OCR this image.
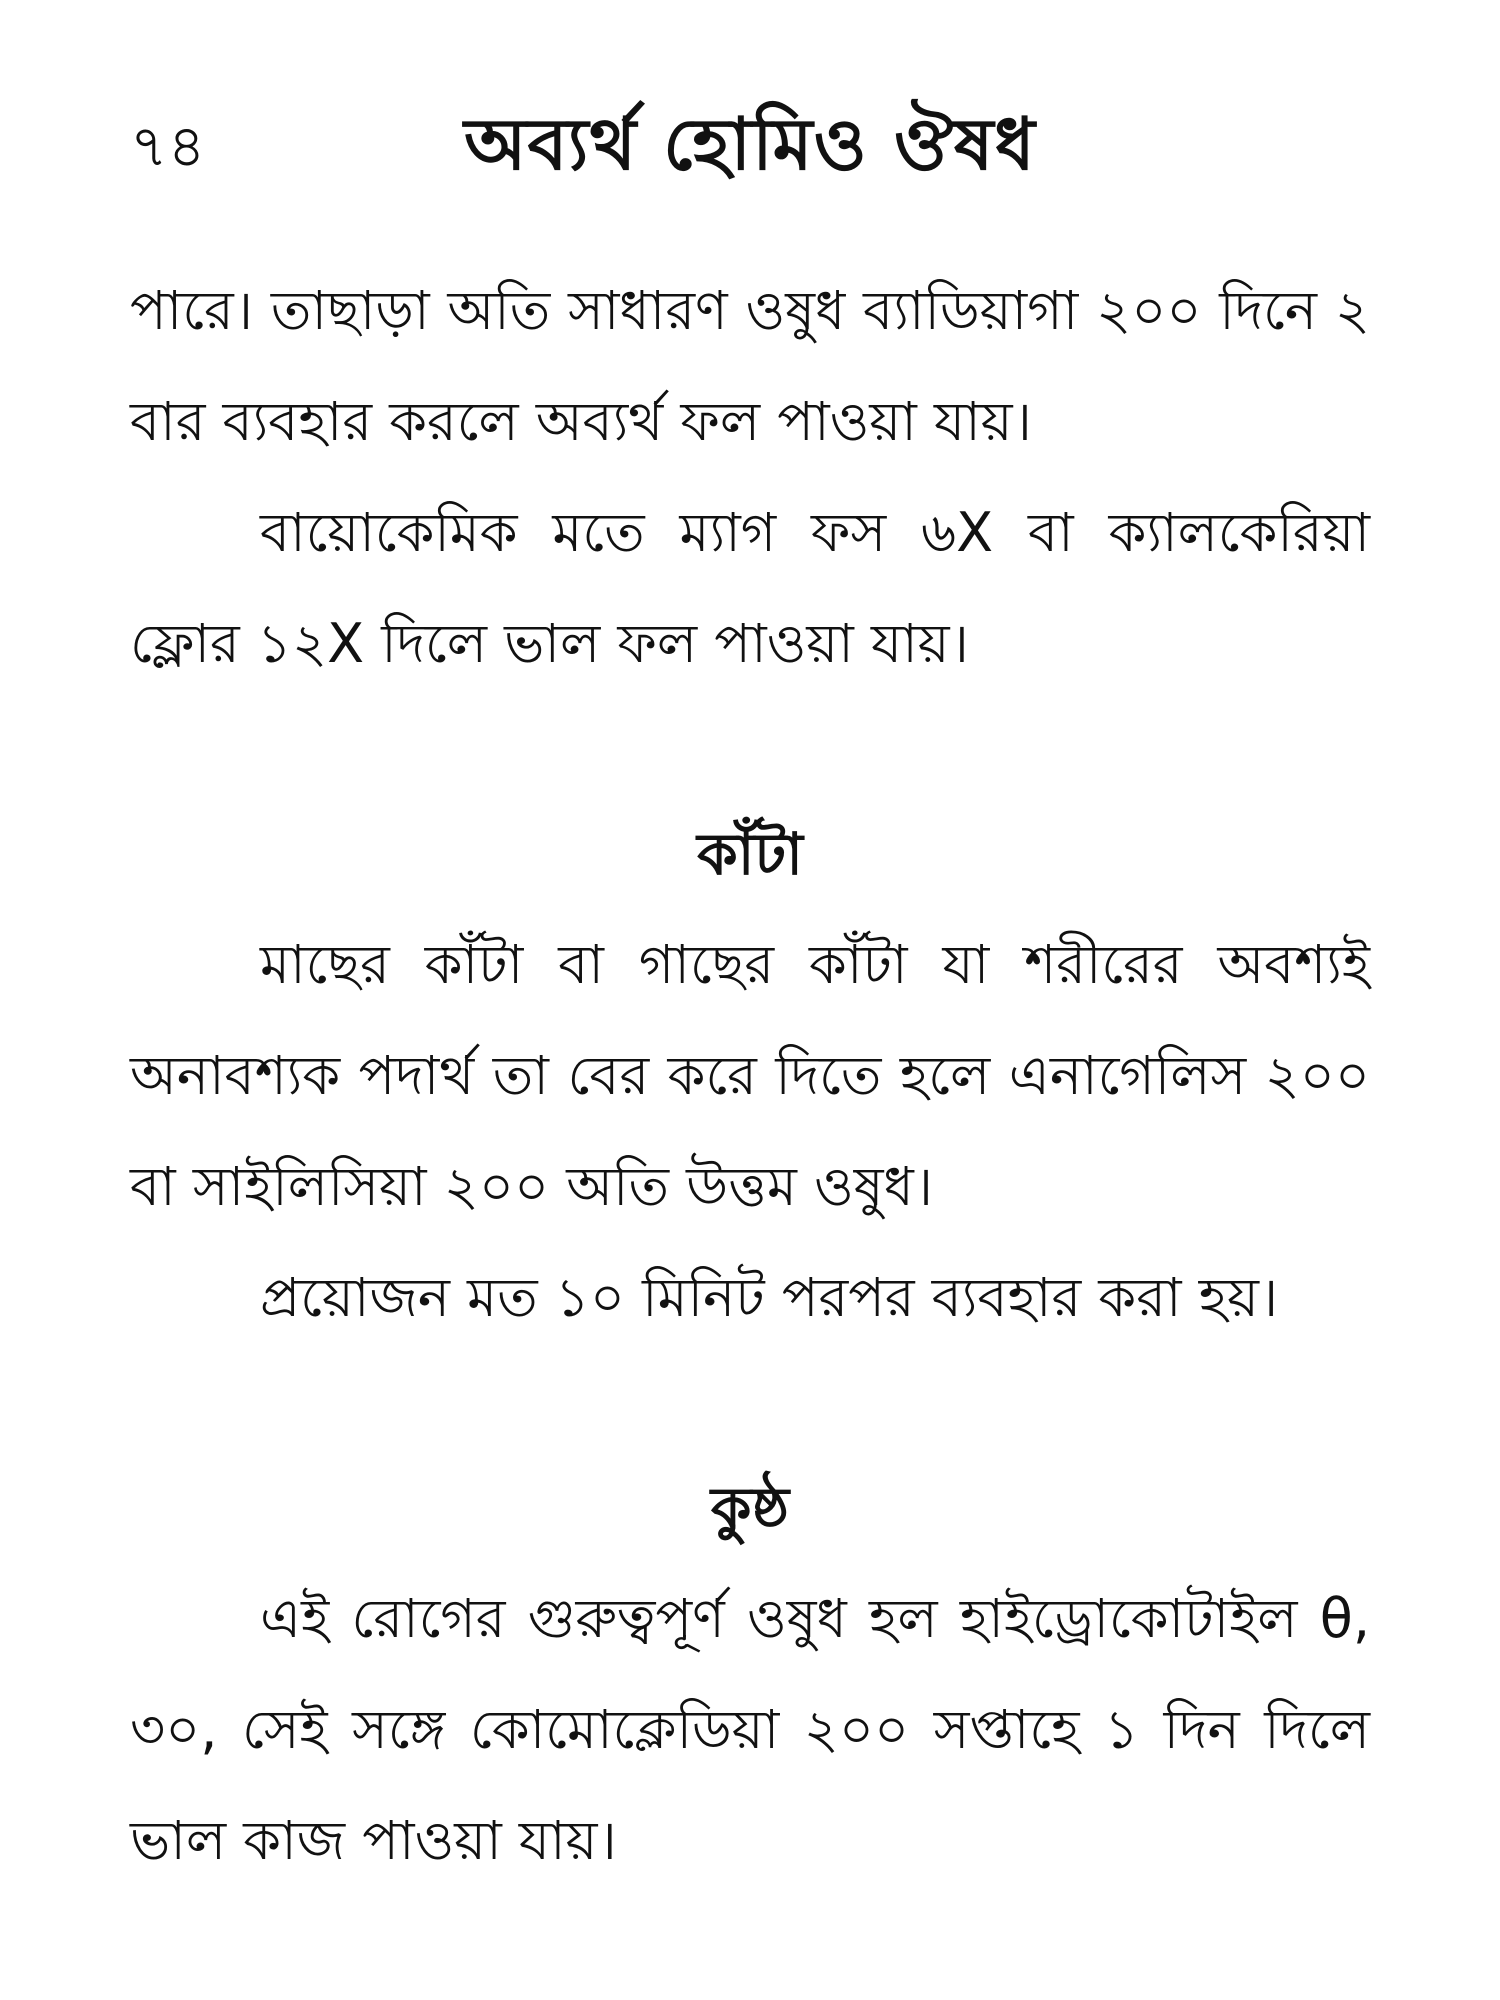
৭৪	অব্যর্থ হোমিও ঔষধ

পারে। তাছাড়া অতি সাধারণ ওষুধ ব্যাডিয়াগা ২০০ দিনে ২ বার ব্যবহার করলে অব্যর্থ ফল পাওয়া যায়।

বায়োকেমিক মতে ম্যাগ ফস ৬X বা ক্যালকেরিয়া ফ্লোর ১২X দিলে ভাল ফল পাওয়া যায়।

কাঁটা

মাছের কাঁটা বা গাছের কাঁটা যা শরীরের অবশ্যই অনাবশ্যক পদার্থ তা বের করে দিতে হলে এনাগেলিস ২০০ বা সাইলিসিয়া ২০০ অতি উত্তম ওষুধ।

প্রয়োজন মত ১০ মিনিট পরপর ব্যবহার করা হয়।

কুষ্ঠ

এই রোগের গুরুত্বপূর্ণ ওষুধ হল হাইড্রোকোটাইল θ, ৩০, সেই সঙ্গে কোমোক্লেডিয়া ২০০ সপ্তাহে ১ দিন দিলে ভাল কাজ পাওয়া যায়।
